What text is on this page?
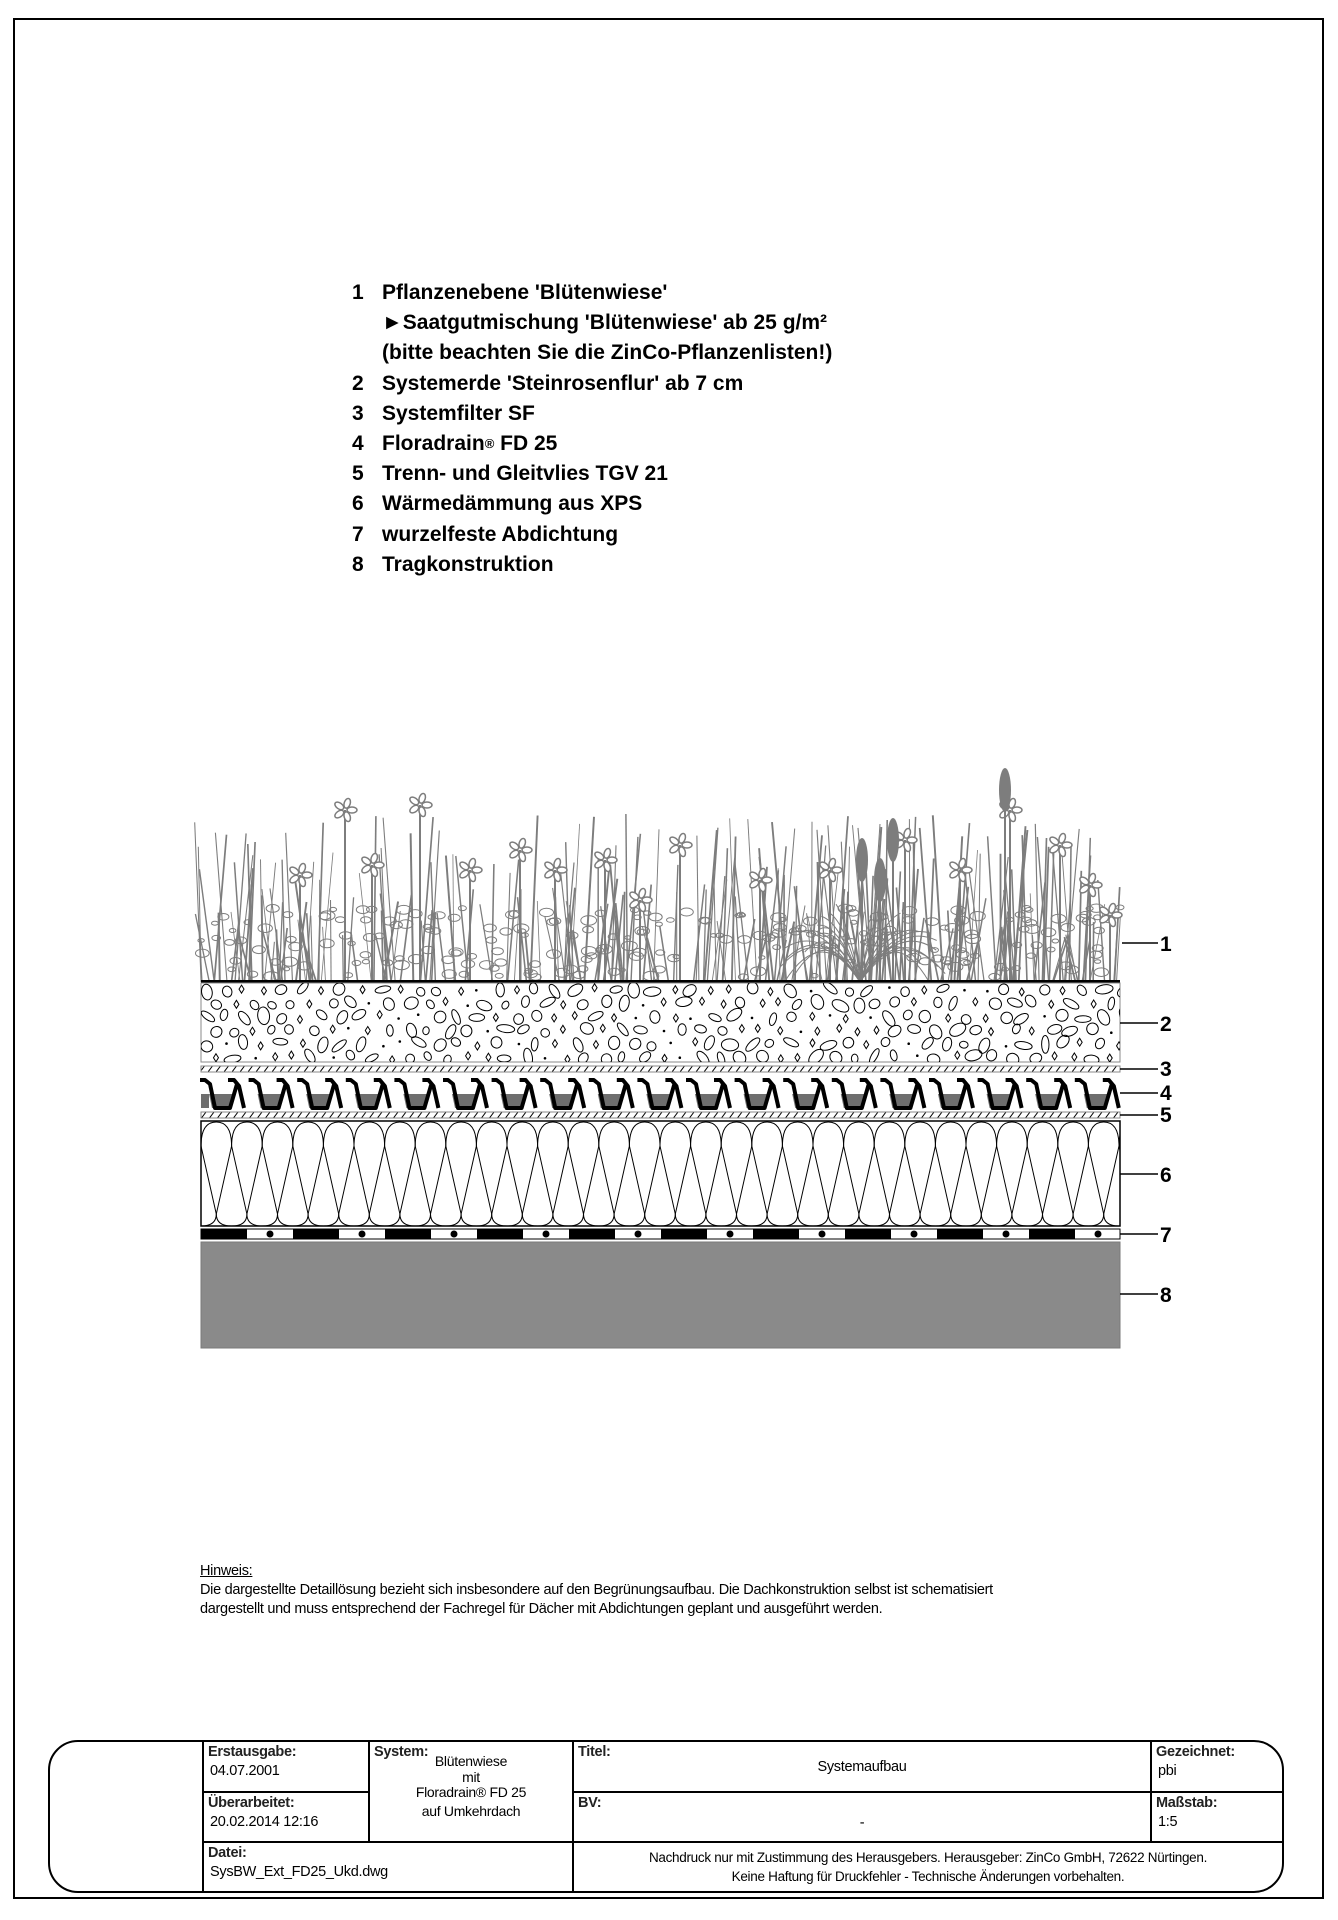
1 Pflanzenebene 'Blütenwiese'
►Saatgutmischung 'Blütenwiese' ab 25 g/m²
(bitte beachten Sie die ZinCo-Pflanzenlisten!)
2 Systemerde 'Steinrosenflur' ab 7 cm
3 Systemfilter SF
4 Floradrain ® FD 25
5 Trenn- und Gleitvlies TGV 21
6 Wärmedämmung aus XPS
7 wurzelfeste Abdichtung
8 Tragkonstruktion
1
2
3
4
5
6
7
8
Hinweis:
Die dargestellte Detaillösung bezieht sich insbesondere auf den Begrünungsaufbau. Die Dachkonstruktion selbst ist schematisiert
dargestellt und muss entsprechend der Fachregel für Dächer mit Abdichtungen geplant und ausgeführt werden.
Erstausgabe:
04.07.2001
Überarbeitet:
20.02.2014 12:16
Datei:
SysBW_Ext_FD25_Ukd.dwg
System:
Blütenwiese
mit
Floradrain® FD 25
auf Umkehrdach
Titel:
Systemaufbau
BV:
-
Gezeichnet:
pbi
Maßstab:
1:5
Nachdruck nur mit Zustimmung des Herausgebers. Herausgeber: ZinCo GmbH, 72622 Nürtingen.
Keine Haftung für Druckfehler - Technische Änderungen vorbehalten.
